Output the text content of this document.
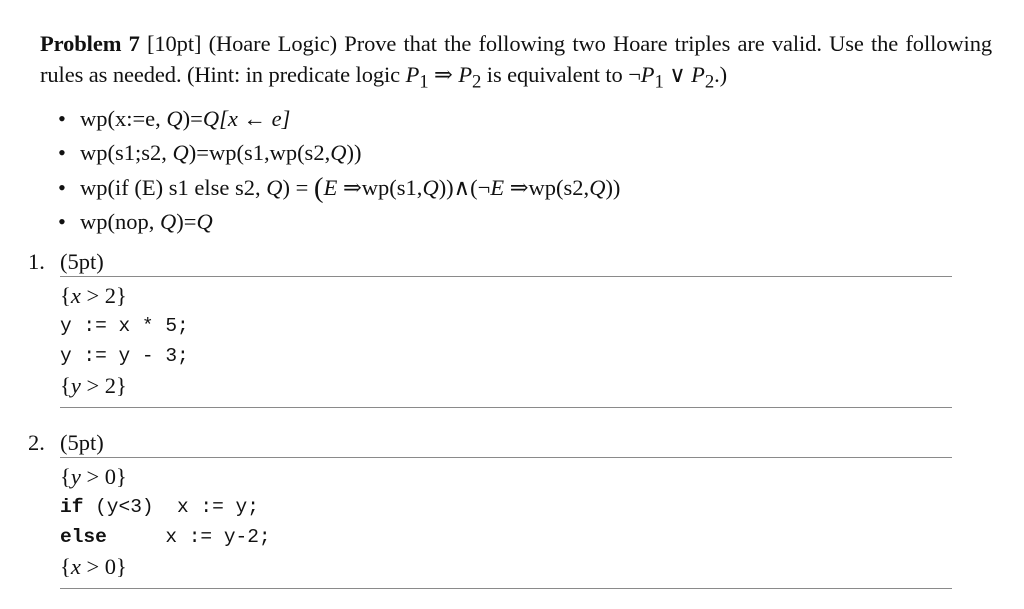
Problem 7 [10pt] (Hoare Logic) Prove that the following two Hoare triples are valid. Use the following rules as needed. (Hint: in predicate logic $P_1$ ⇒ $P_2$ is equivalent to $\neg P_1$ ∨ $P_2$.)

• wp(x:=e, Q)=Q[x ← e]
• wp(s1;s2, Q)=wp(s1,wp(s2,Q))
• wp(if (E) s1 else s2, Q) = (E ⇒wp(s1,Q))∧(¬E ⇒wp(s2,Q))
• wp(nop, Q)=Q

1. (5pt)

{x > 2}
y := x * 5;
y := y - 3;
{y > 2}

2. (5pt)

{y > 0}
if (y<3)  x := y;
else     x := y-2;
{x > 0}
